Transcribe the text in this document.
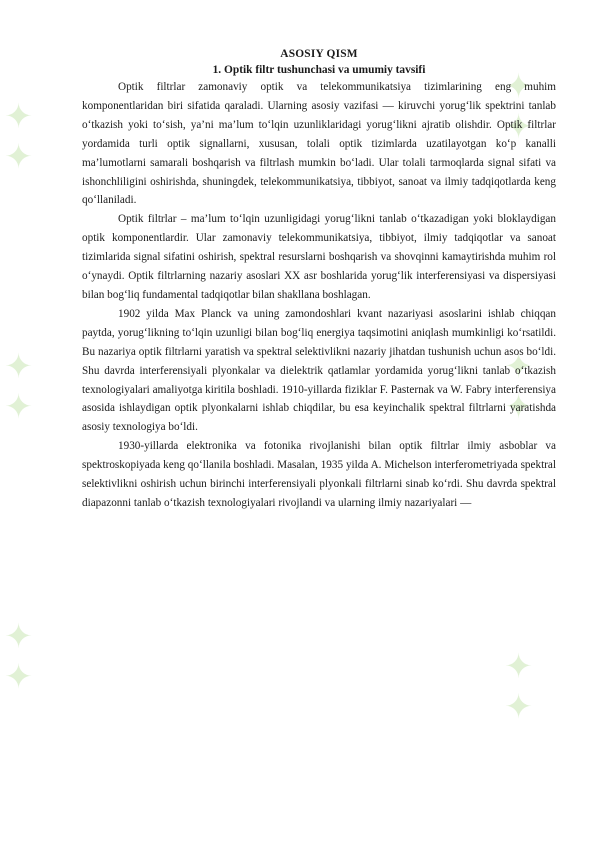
✦ ✦
✦ ✦
✦ ✦
✦ ✦
✦ ✦
✦ ✦
ASOSIY QISM
1. Optik filtr tushunchasi va umumiy tavsifi

Optik filtrlar zamonaviy optik va telekommunikatsiya tizimlarining eng muhim komponentlaridan biri sifatida qaraladi. Ularning asosiy vazifasi — kiruvchi yorug‘lik spektrini tanlab o‘tkazish yoki to‘sish, ya’ni ma’lum to‘lqin uzunliklaridagi yorug‘likni ajratib olishdir. Optik filtrlar yordamida turli optik signallarni, xususan, tolali optik tizimlarda uzatilayotgan ko‘p kanalli ma’lumotlarni samarali boshqarish va filtrlash mumkin bo‘ladi. Ular tolali tarmoqlarda signal sifati va ishonchliligini oshirishda, shuningdek, telekommunikatsiya, tibbiyot, sanoat va ilmiy tadqiqotlarda keng qo‘llaniladi.

Optik filtrlar – ma’lum to‘lqin uzunligidagi yorug‘likni tanlab o‘tkazadigan yoki bloklaydigan optik komponentlardir. Ular zamonaviy telekommunikatsiya, tibbiyot, ilmiy tadqiqotlar va sanoat tizimlarida signal sifatini oshirish, spektral resurslarni boshqarish va shovqinni kamaytirishda muhim rol o‘ynaydi. Optik filtrlarning nazariy asoslari XX asr boshlarida yorug‘lik interferensiyasi va dispersiyasi bilan bog‘liq fundamental tadqiqotlar bilan shakllana boshlagan.

1902 yilda Max Planck va uning zamondoshlari kvant nazariyasi asoslarini ishlab chiqqan paytda, yorug‘likning to‘lqin uzunligi bilan bog‘liq energiya taqsimotini aniqlash mumkinligi ko‘rsatildi. Bu nazariya optik filtrlarni yaratish va spektral selektivlikni nazariy jihatdan tushunish uchun asos bo‘ldi. Shu davrda interferensiyali plyonkalar va dielektrik qatlamlar yordamida yorug‘likni tanlab o‘tkazish texnologiyalari amaliyotga kiritila boshladi. 1910-yillarda fiziklar F. Pasternak va W. Fabry interferensiya asosida ishlaydigan optik plyonkalarni ishlab chiqdilar, bu esa keyinchalik spektral filtrlarni yaratishda asosiy texnologiya bo‘ldi.

1930-yillarda elektronika va fotonika rivojlanishi bilan optik filtrlar ilmiy asboblar va spektroskopiyada keng qo‘llanila boshladi. Masalan, 1935 yilda A. Michelson interferometriyada spektral selektivlikni oshirish uchun birinchi interferensiyali plyonkali filtrlarni sinab ko‘rdi. Shu davrda spektral diapazonni tanlab o‘tkazish texnologiyalari rivojlandi va ularning ilmiy nazariyalari —
